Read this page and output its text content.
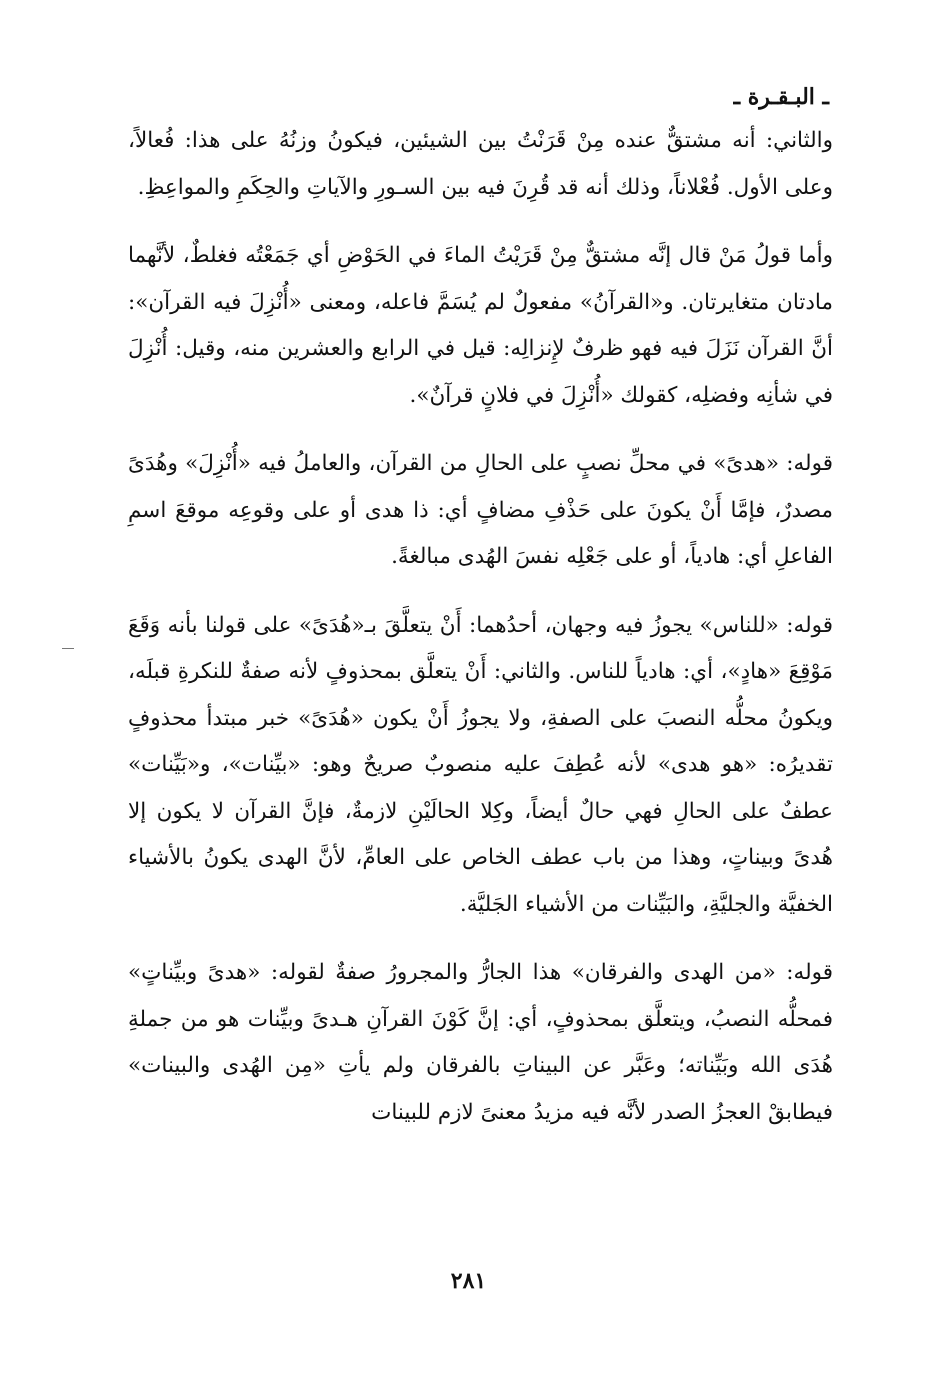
ـ البـقـرة ـ

والثاني: أنه مشتقٌّ عنده مِنْ قَرَنْتُ بين الشيئين، فيكونُ وزنُهُ على هذا: فُعالاً، وعلى الأول. فُعْلاناً، وذلك أنه قد قُرِنَ فيه بين السـورِ والآياتِ والحِكَمِ والمواعِظِ.

وأما قولُ مَنْ قال إنَّه مشتقٌّ مِنْ قَرَيْتُ الماءَ في الحَوْضِ أي جَمَعْتُه فغلطٌ، لأنَّهما مادتان متغايرتان. و«القرآنُ» مفعولٌ لم يُسَمَّ فاعله، ومعنى «أُنْزِلَ فيه القرآن»: أنَّ القرآن نَزَلَ فيه فهو ظرفٌ لإِنزالِه: قيل في الرابع والعشرين منه، وقيل: أُنْزِلَ في شأنِه وفضلِه، كقولك «أُنْزِلَ في فلانٍ قرآنٌ».

قوله: «هدىً» في محلِّ نصبٍ على الحالِ من القرآن، والعاملُ فيه «أُنْزِلَ» وهُدَىً مصدرٌ، فإمَّا أَنْ يكونَ على حَذْفِ مضافٍ أي: ذا هدى أو على وقوعِه موقعَ اسمِ الفاعلِ أي: هادياً، أو على جَعْلِه نفسَ الهُدى مبالغةً.

قوله: «للناس» يجوزُ فيه وجهان، أحدُهما: أَنْ يتعلَّقَ بـ«هُدَىً» على قولنا بأنه وَقَعَ مَوْقِعَ «هادٍ»، أي: هادياً للناس. والثاني: أَنْ يتعلَّق بمحذوفٍ لأنه صفةٌ للنكرةِ قبلَه، ويكونُ محلُّه النصبَ على الصفةِ، ولا يجوزُ أَنْ يكون «هُدَىً» خبر مبتدأ محذوفٍ تقديرُه: «هو هدى» لأنه عُطِفَ عليه منصوبٌ صريحٌ وهو: «بيِّنات»، و«بَيِّنات» عطفٌ على الحالِ فهي حالٌ أيضاً، وكِلا الحالَيْنِ لازمةٌ، فإنَّ القرآن لا يكون إلا هُدىً وبيناتٍ، وهذا من باب عطف الخاص على العامِّ، لأنَّ الهدى يكونُ بالأشياء الخفيَّة والجليَّةِ، والبَيِّنات من الأشياء الجَليَّة.

قوله: «من الهدى والفرقان» هذا الجارُّ والمجرورُ صفةٌ لقوله: «هدىً وبيِّناتٍ» فمحلُّه النصبُ، ويتعلَّق بمحذوفٍ، أي: إنَّ كَوْنَ القرآنِ هـدىً وبيِّنات هو من جملةِ هُدَى الله وبَيِّناته؛ وعَبَّر عن البيناتِ بالفرقان ولم يأتِ «مِن الهُدى والبينات» فيطابقْ العجزُ الصدر لأنَّه فيه مزيدُ معنىً لازم للبينات

٢٨١
